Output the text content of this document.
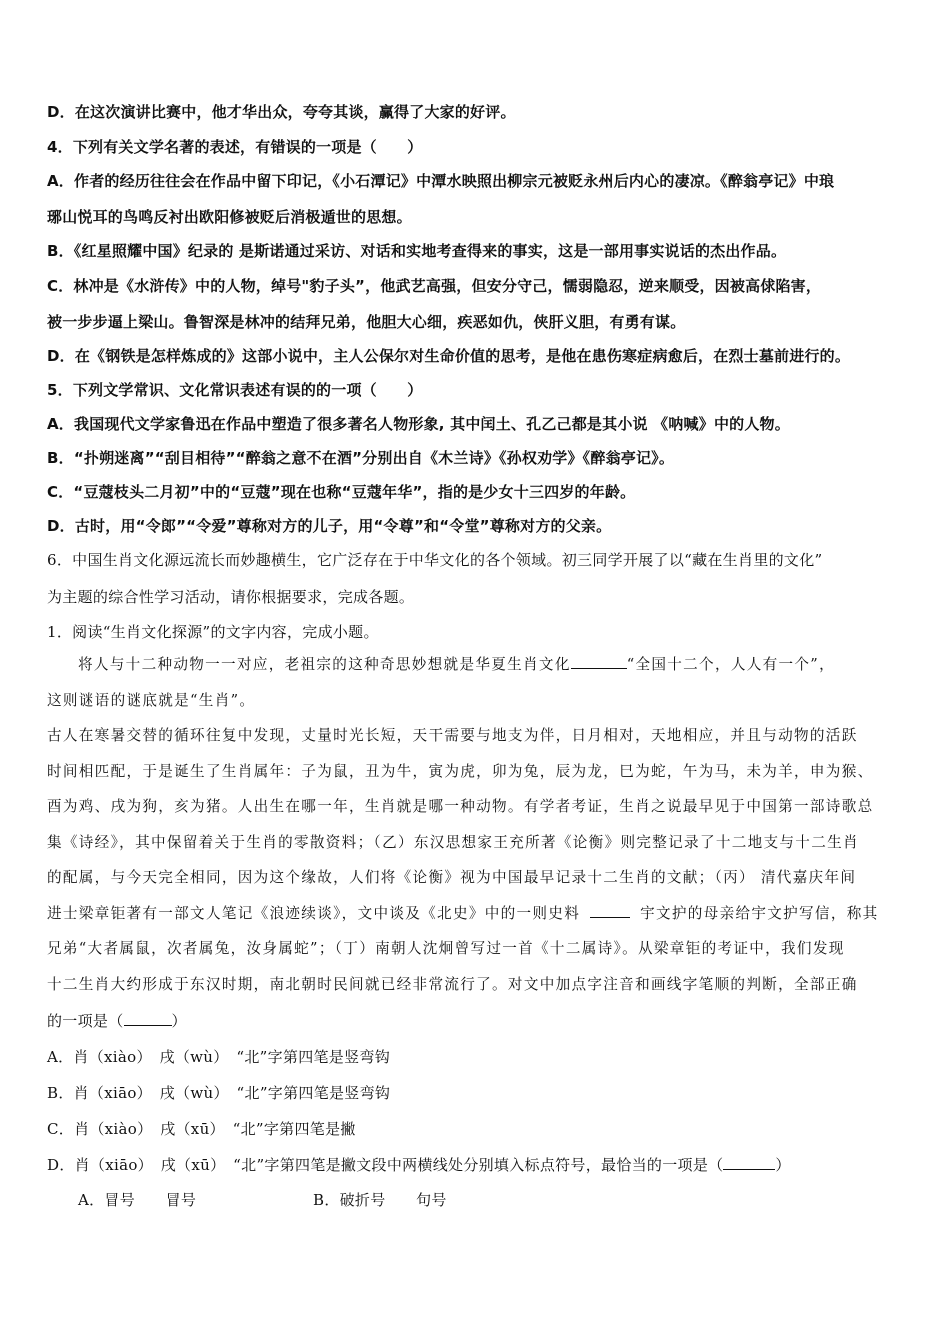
D．在这次演讲比赛中，他才华出众，夸夸其谈，赢得了大家的好评。
4．下列有关文学名著的表述，有错误的一项是（　　）
A．作者的经历往往会在作品中留下印记，《小石潭记》中潭水映照出柳宗元被贬永州后内心的凄凉。《醉翁亭记》中琅
琊山悦耳的鸟鸣反衬出欧阳修被贬后消极遁世的思想。
B．《红星照耀中国》纪录的 是斯诺通过采访、对话和实地考查得来的事实，这是一部用事实说话的杰出作品。
C．林冲是《水浒传》中的人物，绰号"豹子头”，他武艺高强，但安分守己，懦弱隐忍，逆来顺受，因被高俅陷害，
被一步步逼上梁山。鲁智深是林冲的结拜兄弟，他胆大心细，疾恶如仇，侠肝义胆，有勇有谋。
D．在《钢铁是怎样炼成的》这部小说中，主人公保尔对生命价值的思考，是他在患伤寒症病愈后，在烈士墓前进行的。
5．下列文学常识、文化常识表述有误的的一项（　　）
A．我国现代文学家鲁迅在作品中塑造了很多著名人物形象, 其中闰土、孔乙己都是其小说 《呐喊》中的人物。
B．“扑朔迷离”“刮目相待”“醉翁之意不在酒”分别出自《木兰诗》《孙权劝学》《醉翁亭记》。
C．“豆蔻枝头二月初”中的“豆蔻”现在也称“豆蔻年华”，指的是少女十三四岁的年龄。
D．古时，用“令郎”“令爱”尊称对方的儿子，用“令尊”和“令堂”尊称对方的父亲。
6．中国生肖文化源远流长而妙趣横生，它广泛存在于中华文化的各个领域。初三同学开展了以“藏在生肖里的文化”
为主题的综合性学习活动，请你根据要求，完成各题。
1．阅读“生肖文化探源”的文字内容，完成小题。
将人与十二种动物一一对应，老祖宗的这种奇思妙想就是华夏生肖文化	“全国十二个，人人有一个”，
这则谜语的谜底就是“生肖”。
古人在寒暑交替的循环往复中发现，丈量时光长短，天干需要与地支为伴，日月相对，天地相应，并且与动物的活跃
时间相匹配，于是诞生了生肖属年：子为鼠，丑为牛，寅为虎，卯为兔，辰为龙，巳为蛇，午为马，未为羊，申为猴、
酉为鸡、戌为狗，亥为猪。人出生在哪一年，生肖就是哪一种动物。有学者考证，生肖之说最早见于中国第一部诗歌总
集《诗经》，其中保留着关于生肖的零散资料；（乙）东汉思想家王充所著《论衡》则完整记录了十二地支与十二生肖
的配属，与今天完全相同，因为这个缘故，人们将《论衡》视为中国最早记录十二生肖的文献；（丙） 清代嘉庆年间
进士梁章钜著有一部文人笔记《浪迹续谈》，文中谈及《北史》中的一则史料	宇文护的母亲给宇文护写信，称其
兄弟“大者属鼠，次者属兔，汝身属蛇”；（丁）南朝人沈炯曾写过一首《十二属诗》。从梁章钜的考证中，我们发现
十二生肖大约形成于东汉时期，南北朝时民间就已经非常流行了。对文中加点字注音和画线字笔顺的判断，全部正确
的一项是（	）
A．肖（xiào）　戌（wù）　“北”字第四笔是竖弯钩
B．肖（xiāo）　戌（wù）　“北”字第四笔是竖弯钩
C．肖（xiào）　戌（xū）　“北”字第四笔是撇
D．肖（xiāo）　戌（xū）　“北”字第四笔是撇文段中两横线处分别填入标点符号，最恰当的一项是（	）
A．冒号　　冒号	B．破折号　　句号
